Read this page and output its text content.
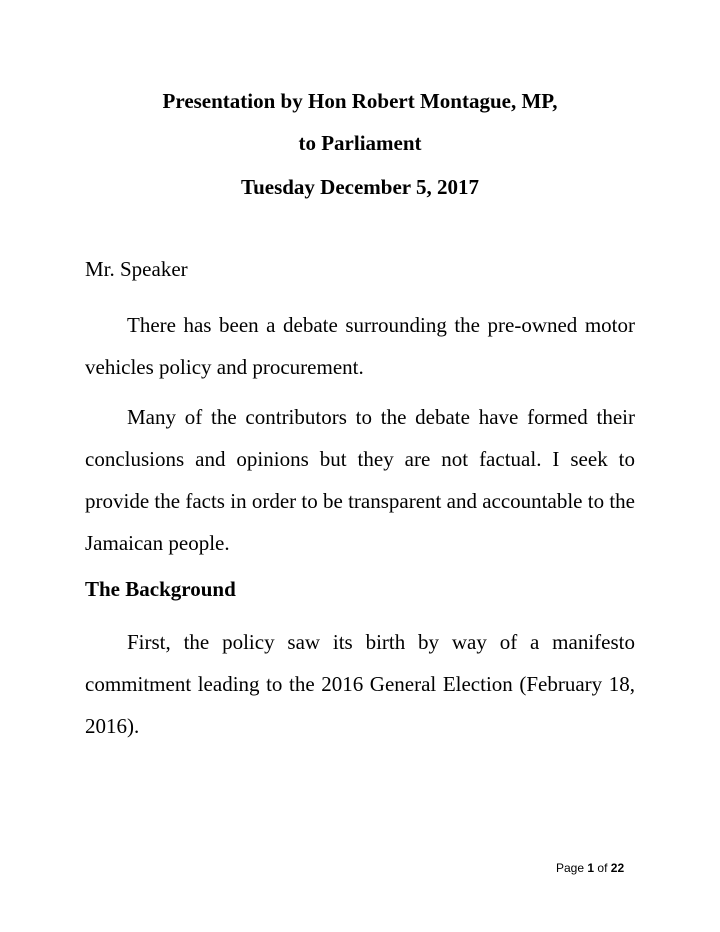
Presentation by Hon Robert Montague, MP,
to Parliament
Tuesday December 5, 2017
Mr. Speaker

There has been a debate surrounding the pre-owned motor vehicles policy and procurement.

Many of the contributors to the debate have formed their conclusions and opinions but they are not factual. I seek to provide the facts in order to be transparent and accountable to the Jamaican people.

The Background

First, the policy saw its birth by way of a manifesto commitment leading to the 2016 General Election (February 18, 2016).

Page 1 of 22
